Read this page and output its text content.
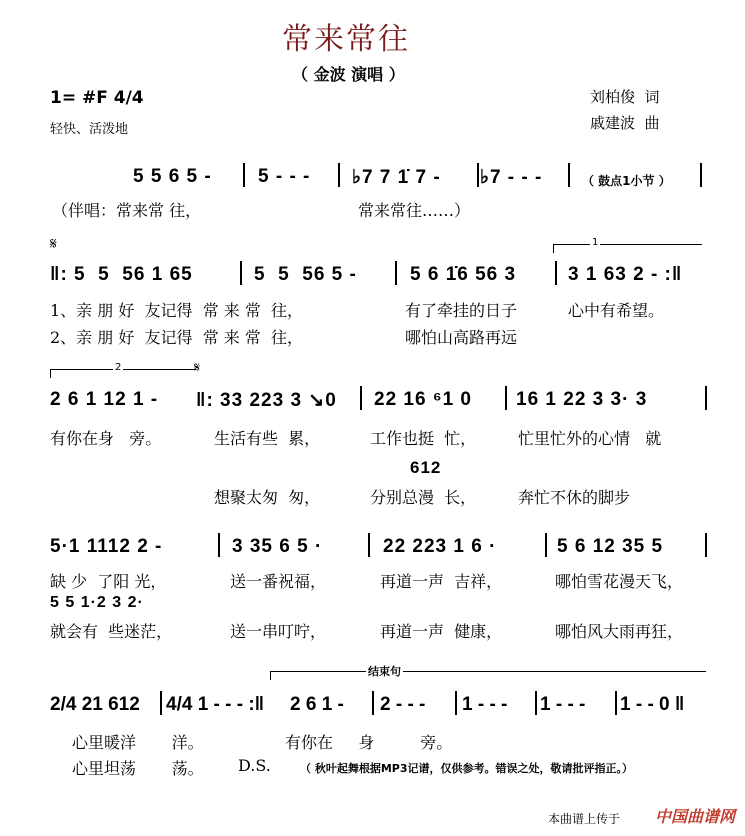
常来常往
（ 金波 演唱 ）
1= #F 4/4
轻快、活泼地
刘柏俊  词
戚建波  曲
5 5 6 5 - 5 - - - ♭7 7 1̇ 7 - ♭7 - - -	（ 鼓点1小节 ）
（伴唱：常来常 往，	常来常往……）
𝄋	1
‖: 5  5  56 1 65	5  5  56 5 -	5 6 1̇6 56 3	3 1 63 2 - :‖
1、亲 朋 好  友记得  常 来 常  往，	有了牵挂的日子	心中有希望。
2、亲 朋 好  友记得  常 来 常  往，	哪怕山高路再远
2	𝄋
2 6 1 12 1 - ‖: 33 223 3 ↘0 22 16 ⁶1 0 16 1 22 3 3· 3
有你在身   旁。	生活有些  累，	工作也挺  忙，	忙里忙外的心情   就
612
想聚太匆  匆，	分别总漫  长，	奔忙不休的脚步
5·1 1112 2 -	3 35 6 5 ·	22 223 1 6 ·	5 6 12 35 5
缺 少  了阳 光，	送一番祝福，	再道一声  吉祥，	哪怕雪花漫天飞，
5 5 1·2 3 2·
就会有  些迷茫，	送一串叮咛，	再道一声  健康，	哪怕风大雨再狂，
结束句
2/4 21 612 4/4 1 - - - :‖ 2 6 1 - 2 - - - 1 - - - 1 - - - 1 - - 0 ‖
心里暖洋       洋。	有你在     身         旁。
心里坦荡       荡。 D.S.	（ 秋叶起舞根据MP3记谱，仅供参考。错误之处，敬请批评指正。）
本曲谱上传于 中国曲谱网
